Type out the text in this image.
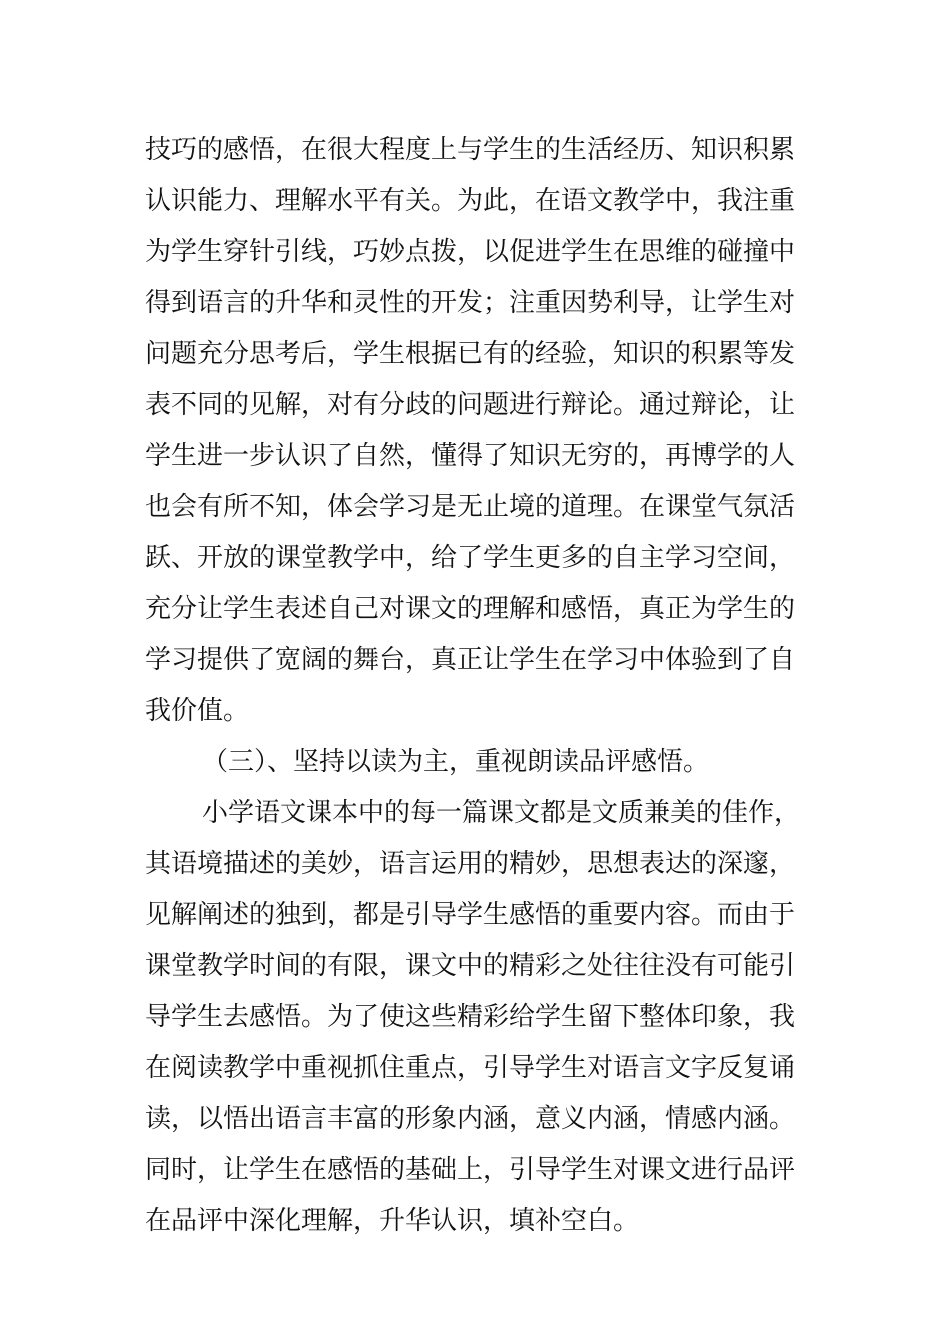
技巧的感悟，在很大程度上与学生的生活经历、知识积累

认识能力、理解水平有关。为此，在语文教学中，我注重

为学生穿针引线，巧妙点拨，以促进学生在思维的碰撞中

得到语言的升华和灵性的开发；注重因势利导，让学生对

问题充分思考后，学生根据已有的经验，知识的积累等发

表不同的见解，对有分歧的问题进行辩论。通过辩论，让

学生进一步认识了自然，懂得了知识无穷的，再博学的人

也会有所不知，体会学习是无止境的道理。在课堂气氛活

跃、开放的课堂教学中，给了学生更多的自主学习空间，

充分让学生表述自己对课文的理解和感悟，真正为学生的

学习提供了宽阔的舞台，真正让学生在学习中体验到了自

我价值。

（三）、坚持以读为主，重视朗读品评感悟。

小学语文课本中的每一篇课文都是文质兼美的佳作，

其语境描述的美妙，语言运用的精妙，思想表达的深邃，

见解阐述的独到，都是引导学生感悟的重要内容。而由于

课堂教学时间的有限，课文中的精彩之处往往没有可能引

导学生去感悟。为了使这些精彩给学生留下整体印象，我

在阅读教学中重视抓住重点，引导学生对语言文字反复诵

读，以悟出语言丰富的形象内涵，意义内涵，情感内涵。

同时，让学生在感悟的基础上，引导学生对课文进行品评

在品评中深化理解，升华认识，填补空白。
